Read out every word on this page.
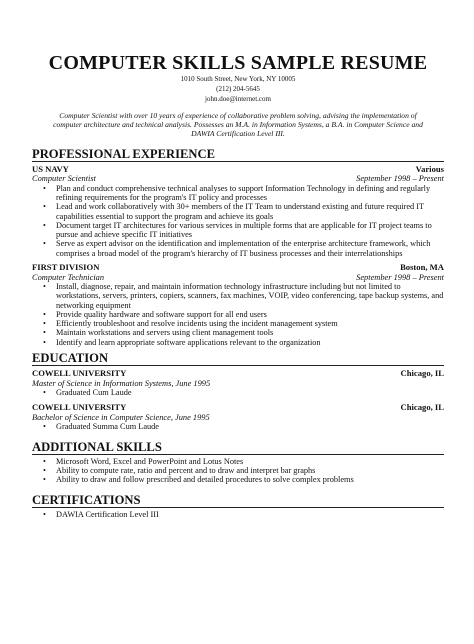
COMPUTER SKILLS SAMPLE RESUME
1010 South Street, New York, NY 10005
(212) 204-5645
john.doe@internet.com
Computer Scientist with over 10 years of experience of collaborative problem solving, advising the implementation of computer architecture and technical analysis. Possesses an M.A. in Information Systems, a B.A. in Computer Science and DAWIA Certification Level III.
PROFESSIONAL EXPERIENCE
US NAVY	Various
Computer Scientist	September 1998 – Present
• Plan and conduct comprehensive technical analyses to support Information Technology in defining and regularly refining requirements for the program's IT policy and processes
• Lead and work collaboratively with 30+ members of the IT Team to understand existing and future required IT capabilities essential to support the program and achieve its goals
• Document target IT architectures for various services in multiple forms that are applicable for IT project teams to pursue and achieve specific IT initiatives
• Serve as expert advisor on the identification and implementation of the enterprise architecture framework, which comprises a broad model of the program's hierarchy of IT business processes and their interrelationships
FIRST DIVISION	Boston, MA
Computer Technician	September 1998 – Present
• Install, diagnose, repair, and maintain information technology infrastructure including but not limited to workstations, servers, printers, copiers, scanners, fax machines, VOIP, video conferencing, tape backup systems, and networking equipment
• Provide quality hardware and software support for all end users
• Efficiently troubleshoot and resolve incidents using the incident management system
• Maintain workstations and servers using client management tools
• Identify and learn appropriate software applications relevant to the organization
EDUCATION
COWELL UNIVERSITY	Chicago, IL
Master of Science in Information Systems, June 1995
• Graduated Cum Laude
COWELL UNIVERSITY	Chicago, IL
Bachelor of Science in Computer Science, June 1995
• Graduated Summa Cum Laude
ADDITIONAL SKILLS
• Microsoft Word, Excel and PowerPoint and Lotus Notes
• Ability to compute rate, ratio and percent and to draw and interpret bar graphs
• Ability to draw and follow prescribed and detailed procedures to solve complex problems
CERTIFICATIONS
• DAWIA Certification Level III
